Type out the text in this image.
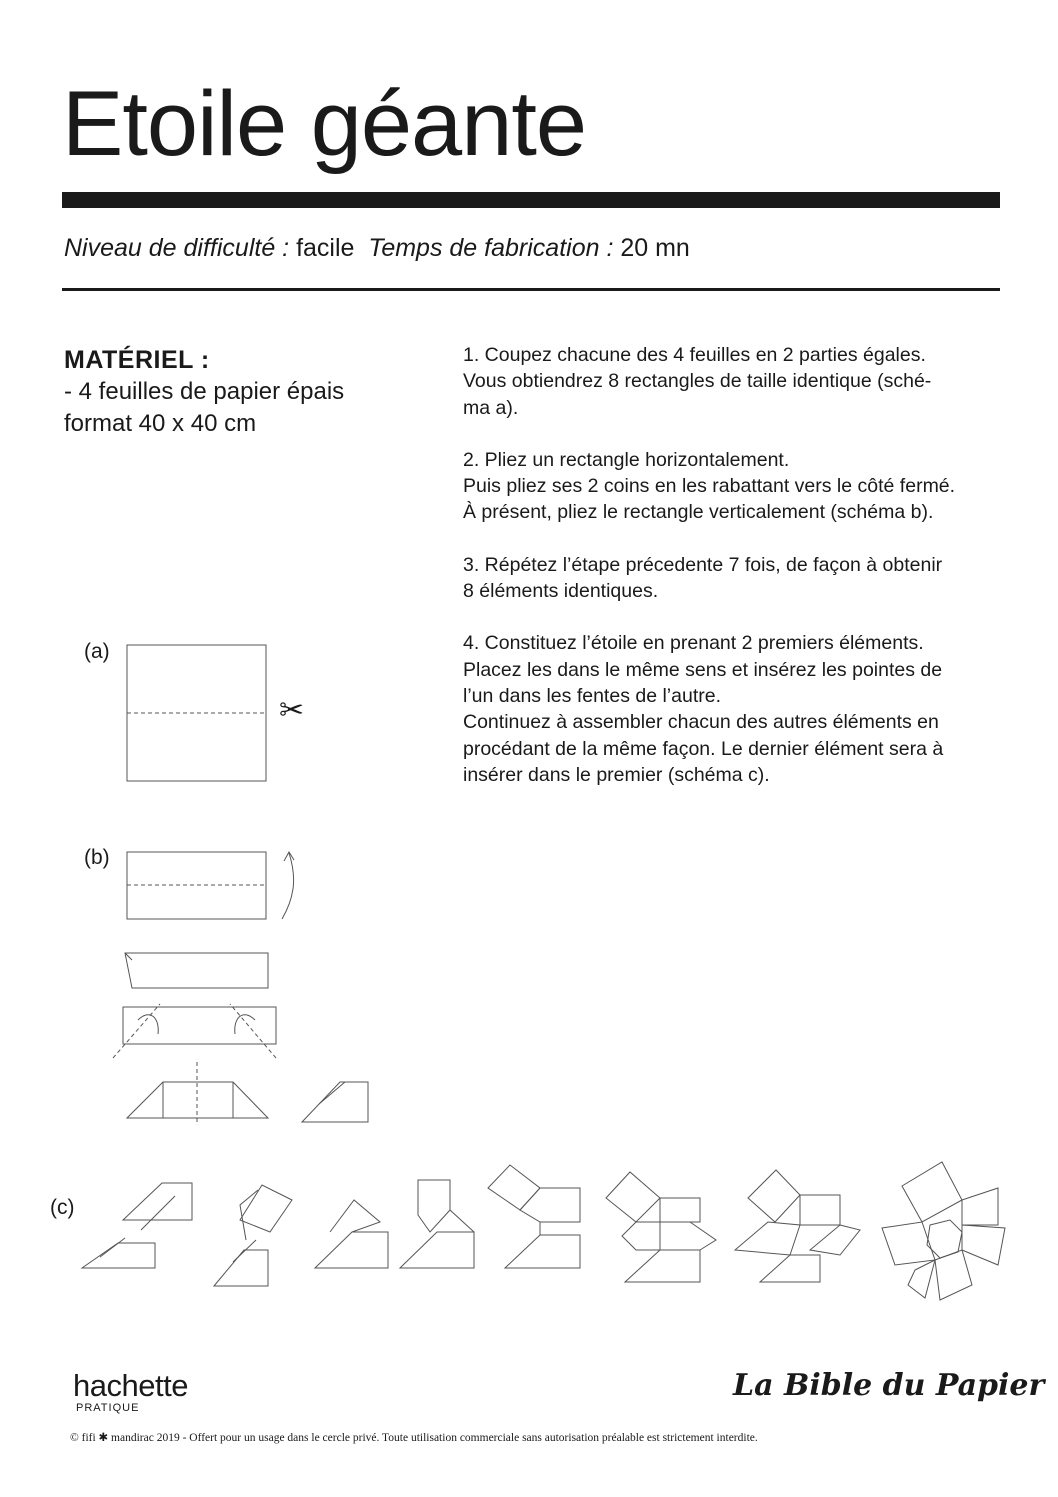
Etoile géante
Niveau de difficulté : facile Temps de fabrication : 20 mn
MATÉRIEL :
- 4 feuilles de papier épais
format 40 x 40 cm

1. Coupez chacune des 4 feuilles en 2 parties égales.
Vous obtiendrez 8 rectangles de taille identique (sché-
ma a).

2. Pliez un rectangle horizontalement.
Puis pliez ses 2 coins en les rabattant vers le côté fermé.
À présent, pliez le rectangle verticalement (schéma b).

3. Répétez l’étape précedente 7 fois, de façon à obtenir
8 éléments identiques.

4. Constituez l’étoile en prenant 2 premiers éléments.
Placez les dans le même sens et insérez les pointes de
l’un dans les fentes de l’autre.
Continuez à assembler chacun des autres éléments en
procédant de la même façon. Le dernier élément sera à
insérer dans le premier (schéma c).

(a)
(b)
(c)
✂
hachette
PRATIQUE
La Bible du Papier
© fifi ✱ mandirac 2019 - Offert pour un usage dans le cercle privé. Toute utilisation commerciale sans autorisation préalable est strictement interdite.
